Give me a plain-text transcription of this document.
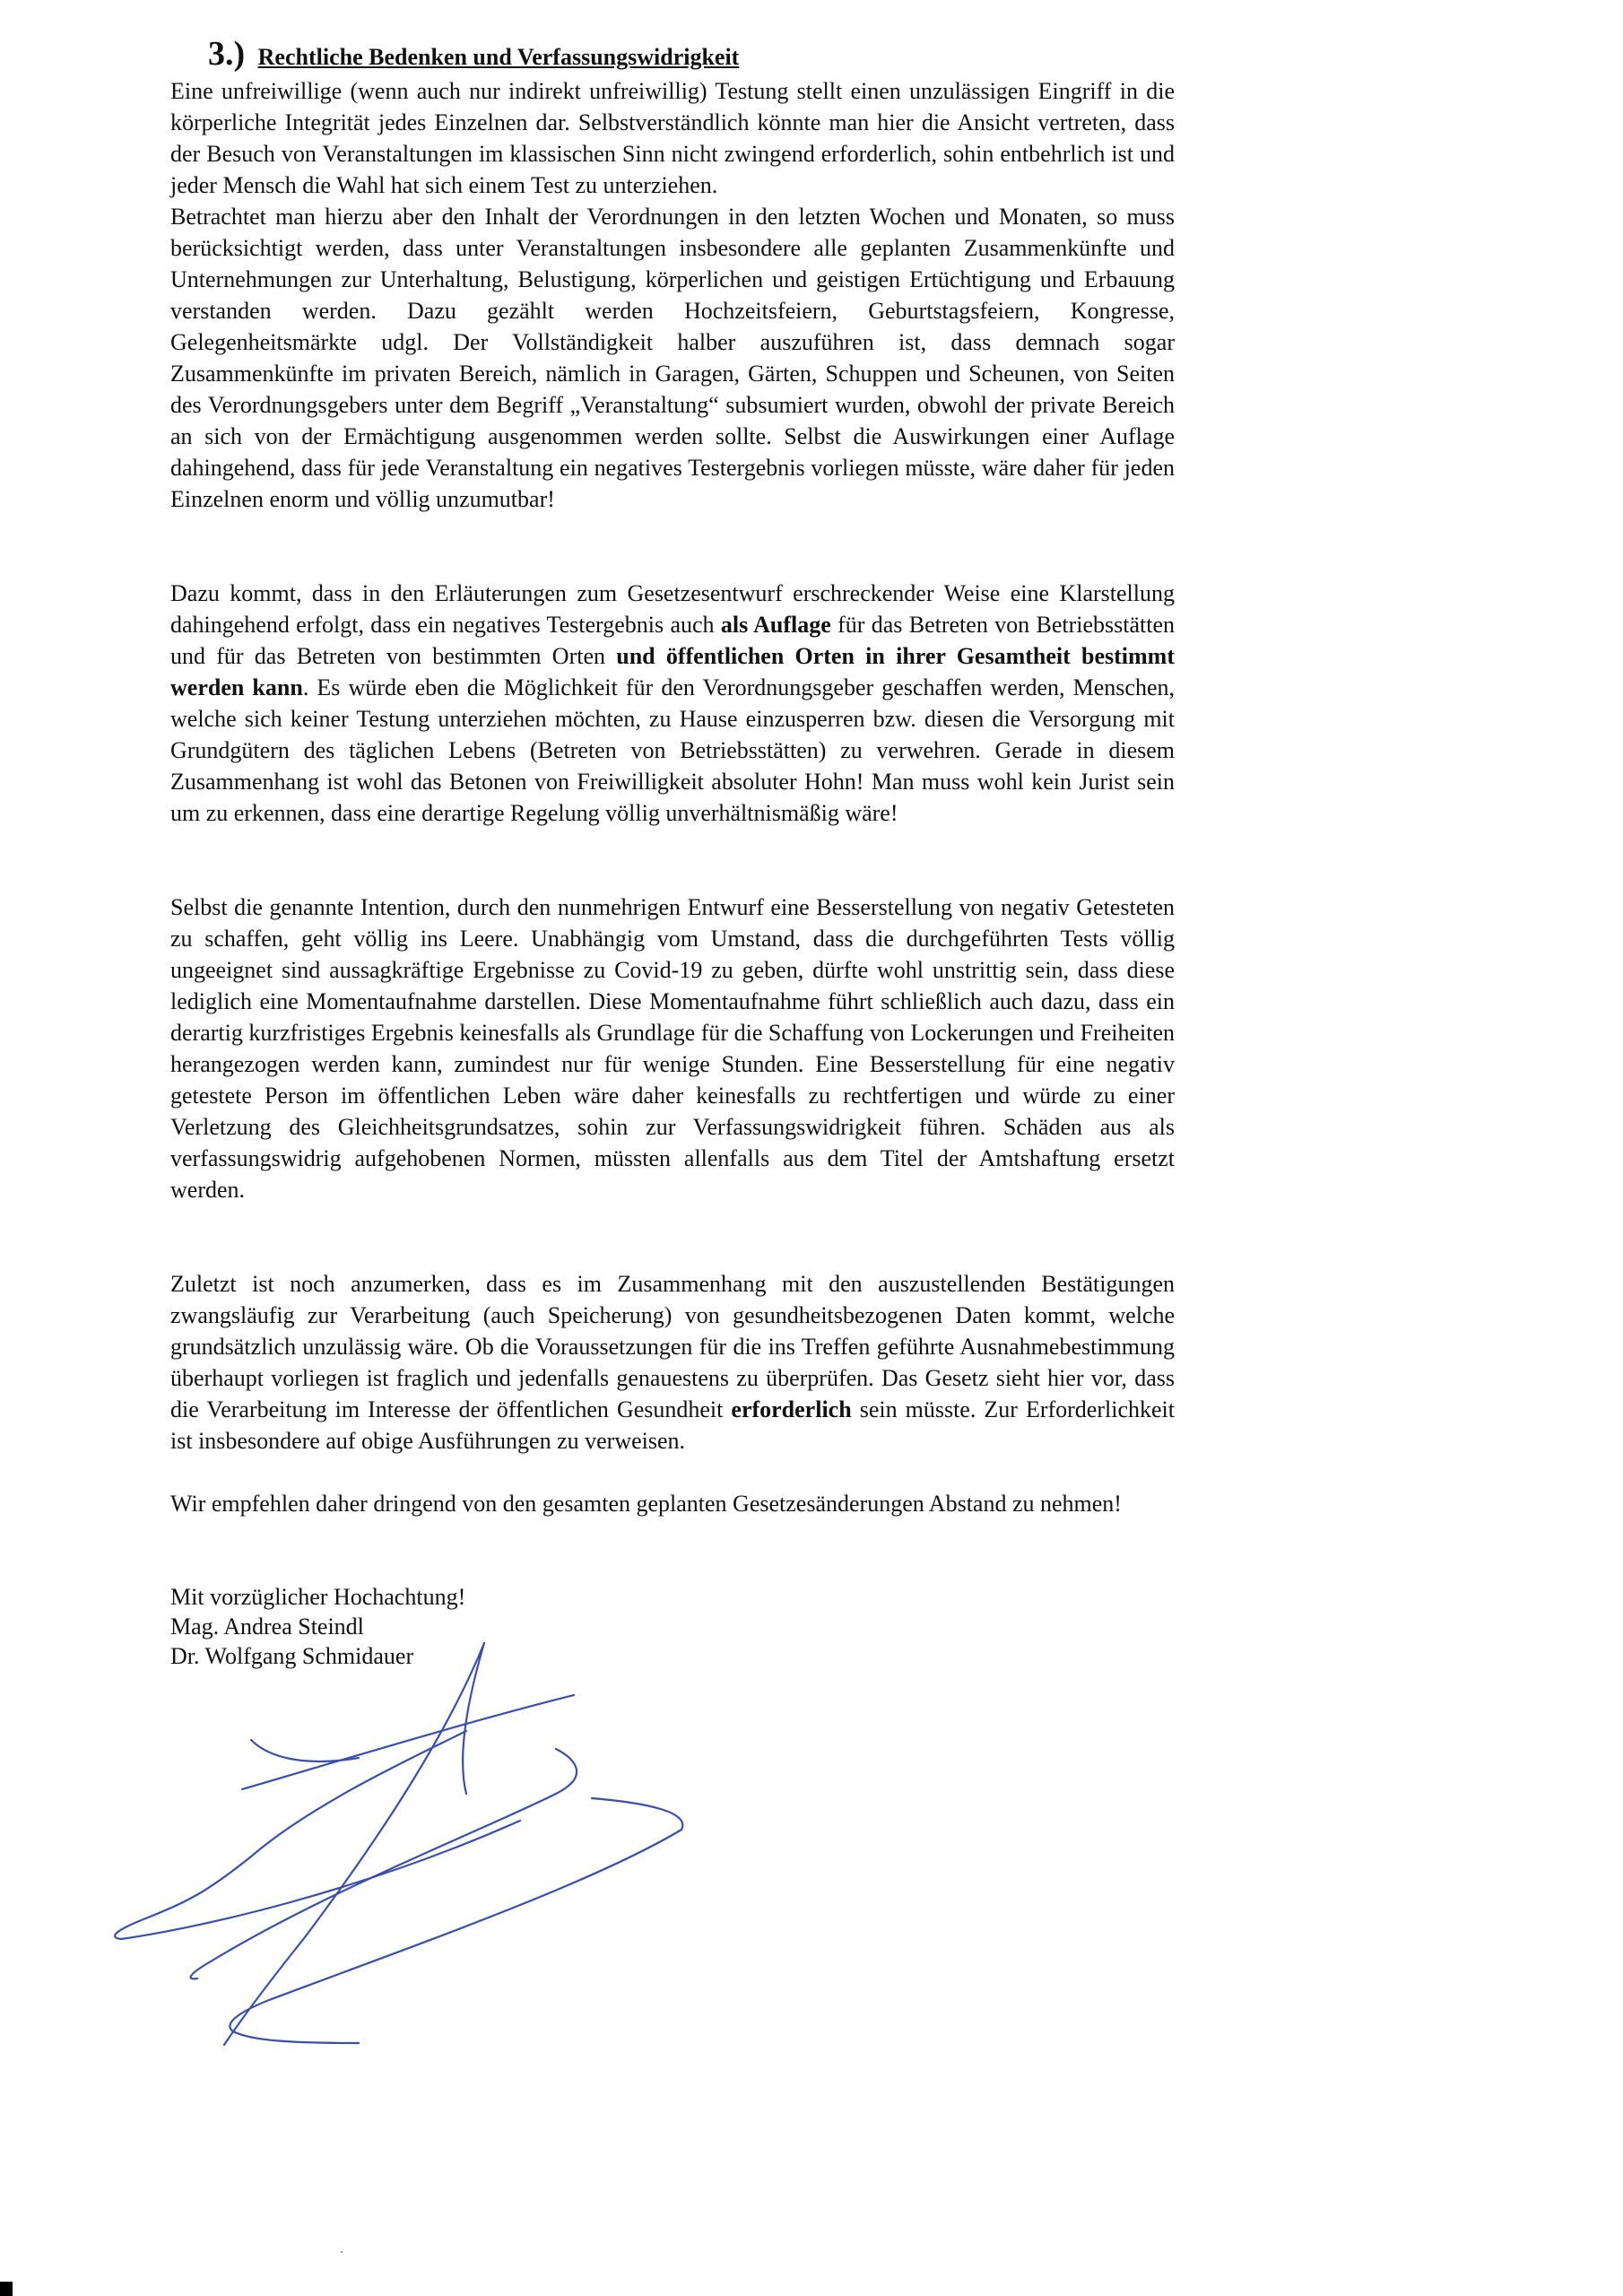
3.) Rechtliche Bedenken und Verfassungswidrigkeit

Eine unfreiwillige (wenn auch nur indirekt unfreiwillig) Testung stellt einen unzulässigen Eingriff in die körperliche Integrität jedes Einzelnen dar. Selbstverständlich könnte man hier die Ansicht vertreten, dass der Besuch von Veranstaltungen im klassischen Sinn nicht zwingend erforderlich, sohin entbehrlich ist und jeder Mensch die Wahl hat sich einem Test zu unterziehen.

Betrachtet man hierzu aber den Inhalt der Verordnungen in den letzten Wochen und Monaten, so muss berücksichtigt werden, dass unter Veranstaltungen insbesondere alle geplanten Zusammenkünfte und Unternehmungen zur Unterhaltung, Belustigung, körperlichen und geistigen Ertüchtigung und Erbauung verstanden werden. Dazu gezählt werden Hochzeitsfeiern, Geburtstagsfeiern, Kongresse, Gelegenheitsmärkte udgl. Der Vollständigkeit halber auszuführen ist, dass demnach sogar Zusammenkünfte im privaten Bereich, nämlich in Garagen, Gärten, Schuppen und Scheunen, von Seiten des Verordnungsgebers unter dem Begriff „Veranstaltung“ subsumiert wurden, obwohl der private Bereich an sich von der Ermächtigung ausgenommen werden sollte. Selbst die Auswirkungen einer Auflage dahingehend, dass für jede Veranstaltung ein negatives Testergebnis vorliegen müsste, wäre daher für jeden Einzelnen enorm und völlig unzumutbar!

Dazu kommt, dass in den Erläuterungen zum Gesetzesentwurf erschreckender Weise eine Klarstellung dahingehend erfolgt, dass ein negatives Testergebnis auch als Auflage für das Betreten von Betriebsstätten und für das Betreten von bestimmten Orten und öffentlichen Orten in ihrer Gesamtheit bestimmt werden kann. Es würde eben die Möglichkeit für den Verordnungsgeber geschaffen werden, Menschen, welche sich keiner Testung unterziehen möchten, zu Hause einzusperren bzw. diesen die Versorgung mit Grundgütern des täglichen Lebens (Betreten von Betriebsstätten) zu verwehren. Gerade in diesem Zusammenhang ist wohl das Betonen von Freiwilligkeit absoluter Hohn! Man muss wohl kein Jurist sein um zu erkennen, dass eine derartige Regelung völlig unverhältnismäßig wäre!

Selbst die genannte Intention, durch den nunmehrigen Entwurf eine Besserstellung von negativ Getesteten zu schaffen, geht völlig ins Leere. Unabhängig vom Umstand, dass die durchgeführten Tests völlig ungeeignet sind aussagkräftige Ergebnisse zu Covid-19 zu geben, dürfte wohl unstrittig sein, dass diese lediglich eine Momentaufnahme darstellen. Diese Momentaufnahme führt schließlich auch dazu, dass ein derartig kurzfristiges Ergebnis keinesfalls als Grundlage für die Schaffung von Lockerungen und Freiheiten herangezogen werden kann, zumindest nur für wenige Stunden. Eine Besserstellung für eine negativ getestete Person im öffentlichen Leben wäre daher keinesfalls zu rechtfertigen und würde zu einer Verletzung des Gleichheitsgrundsatzes, sohin zur Verfassungswidrigkeit führen. Schäden aus als verfassungswidrig aufgehobenen Normen, müssten allenfalls aus dem Titel der Amtshaftung ersetzt werden.

Zuletzt ist noch anzumerken, dass es im Zusammenhang mit den auszustellenden Bestätigungen zwangsläufig zur Verarbeitung (auch Speicherung) von gesundheitsbezogenen Daten kommt, welche grundsätzlich unzulässig wäre. Ob die Voraussetzungen für die ins Treffen geführte Ausnahmebestimmung überhaupt vorliegen ist fraglich und jedenfalls genauestens zu überprüfen. Das Gesetz sieht hier vor, dass die Verarbeitung im Interesse der öffentlichen Gesundheit erforderlich sein müsste. Zur Erforderlichkeit ist insbesondere auf obige Ausführungen zu verweisen.

Wir empfehlen daher dringend von den gesamten geplanten Gesetzesänderungen Abstand zu nehmen!

Mit vorzüglicher Hochachtung!
Mag. Andrea Steindl
Dr. Wolfgang Schmidauer
